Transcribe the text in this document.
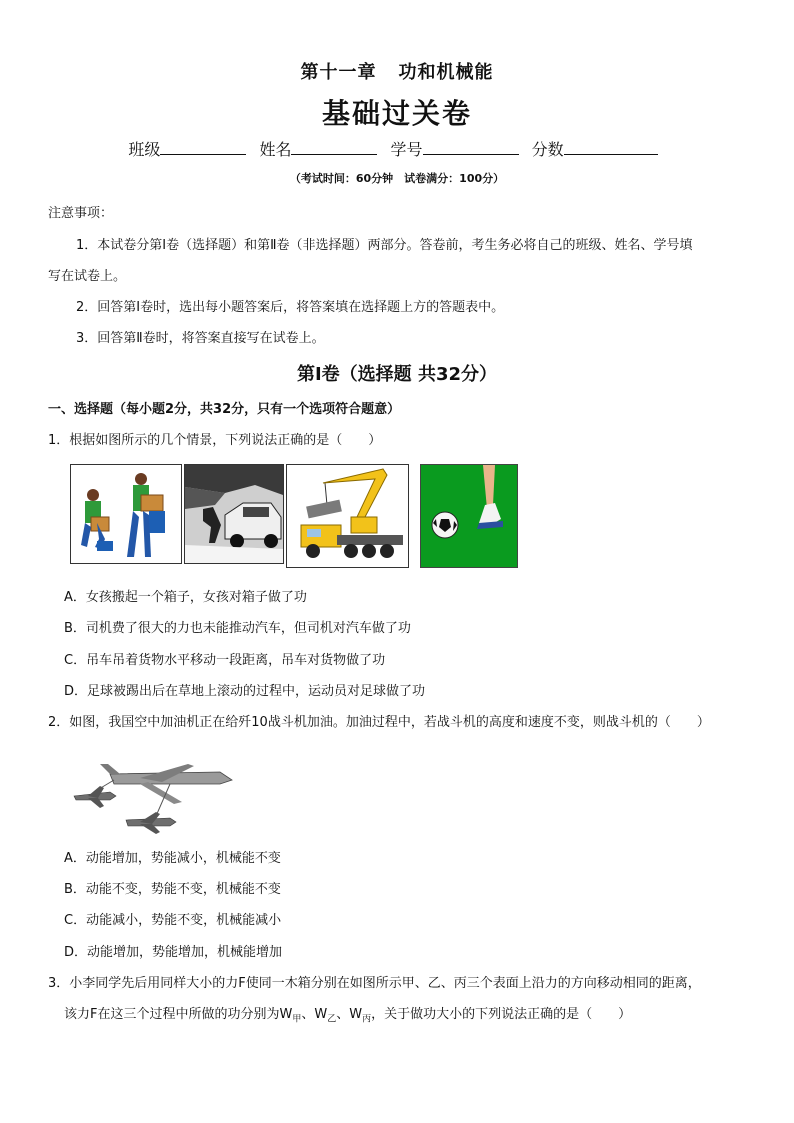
第十一章 功和机械能
基础过关卷
班级	姓名	学号	分数
（考试时间：60分钟　试卷满分：100分）
注意事项：
1．本试卷分第Ⅰ卷（选择题）和第Ⅱ卷（非选择题）两部分。答卷前，考生务必将自己的班级、姓名、学号填
写在试卷上。
2．回答第Ⅰ卷时，选出每小题答案后，将答案填在选择题上方的答题表中。
3．回答第Ⅱ卷时，将答案直接写在试卷上。
第Ⅰ卷（选择题 共32分）
一、选择题（每小题2分，共32分，只有一个选项符合题意）
1．根据如图所示的几个情景，下列说法正确的是（　　）
A．女孩搬起一个箱子，女孩对箱子做了功
B．司机费了很大的力也未能推动汽车，但司机对汽车做了功
C．吊车吊着货物水平移动一段距离，吊车对货物做了功
D．足球被踢出后在草地上滚动的过程中，运动员对足球做了功
2．如图，我国空中加油机正在给歼10战斗机加油。加油过程中，若战斗机的高度和速度不变，则战斗机的（　　）
A．动能增加，势能减小，机械能不变
B．动能不变，势能不变，机械能不变
C．动能减小，势能不变，机械能减小
D．动能增加，势能增加，机械能增加
3．小李同学先后用同样大小的力F使同一木箱分别在如图所示甲、乙、丙三个表面上沿力的方向移动相同的距离，
该力F在这三个过程中所做的功分别为$W_甲$、$W_乙$、$W_丙$，关于做功大小的下列说法正确的是（　　）
